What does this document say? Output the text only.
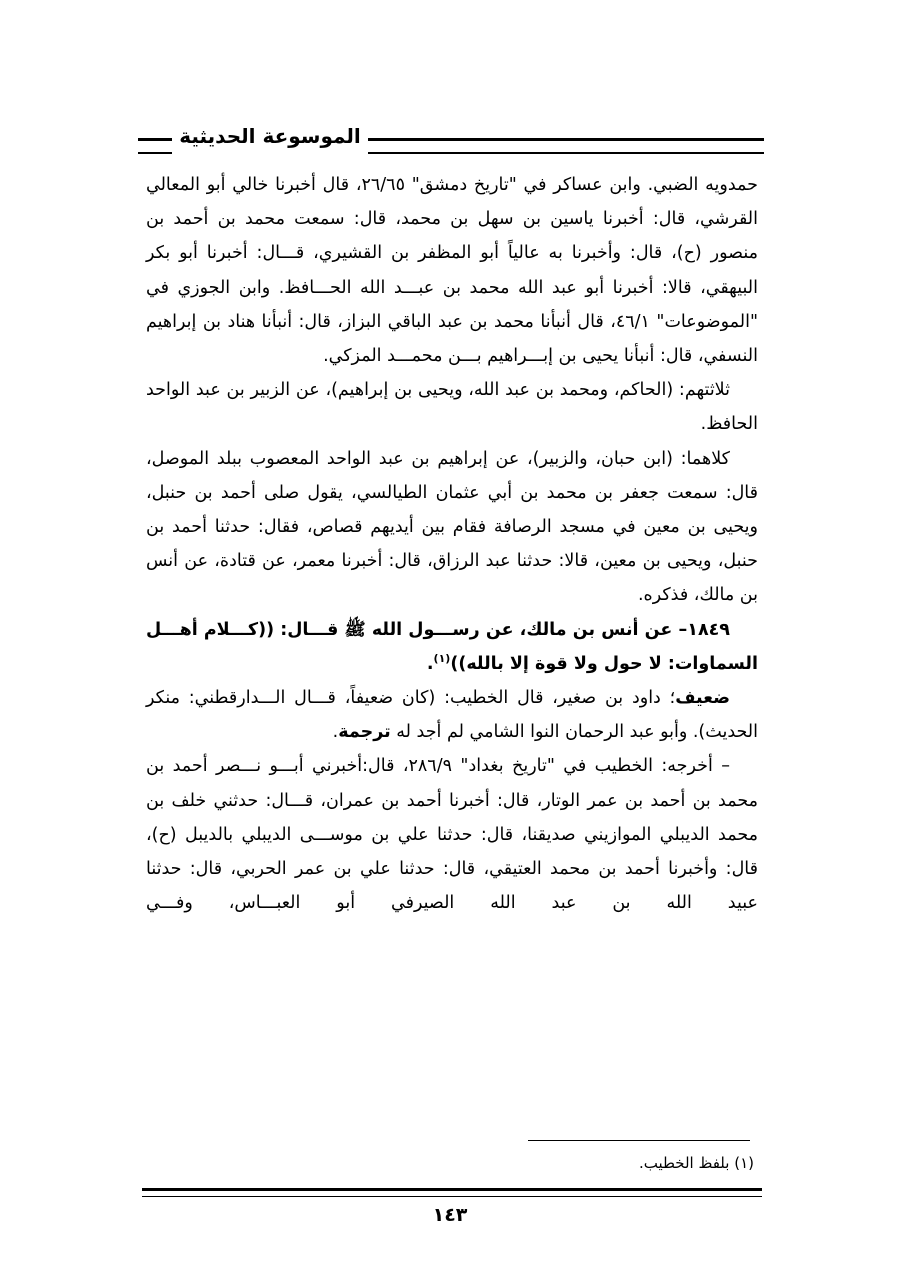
الموسوعة الحديثية

حمدويه الضبي. وابن عساكر في "تاريخ دمشق" ٢٦/٦٥، قال أخبرنا خالي أبو المعالي القرشي، قال: أخبرنا ياسين بن سهل بن محمد، قال: سمعت محمد بن أحمد بن منصور (ح)، قال: وأخبرنا به عالياً أبو المظفر بن القشيري، قـــال: أخبرنا أبو بكر البيهقي، قالا: أخبرنا أبو عبد الله محمد بن عبـــد الله الحـــافظ. وابن الجوزي في "الموضوعات" ٤٦/١، قال أنبأنا محمد بن عبد الباقي البزاز، قال: أنبأنا هناد بن إبراهيم النسفي، قال: أنبأنا يحيى بن إبـــراهيم بـــن محمـــد المزكي.

ثلاثتهم: (الحاكم، ومحمد بن عبد الله، ويحيى بن إبراهيم)، عن الزبير بن عبد الواحد الحافظ.

كلاهما: (ابن حبان، والزبير)، عن إبراهيم بن عبد الواحد المعصوب ببلد الموصل، قال: سمعت جعفر بن محمد بن أبي عثمان الطيالسي، يقول صلى أحمد بن حنبل، ويحيى بن معين في مسجد الرصافة فقام بين أيديهم قصاص، فقال: حدثنا أحمد بن حنبل، ويحيى بن معين، قالا: حدثنا عبد الرزاق، قال: أخبرنا معمر، عن قتادة، عن أنس بن مالك، فذكره.

١٨٤٩– عن أنس بن مالك، عن رســـول الله ﷺ قـــال: ((كـــلام أهـــل السماوات: لا حول ولا قوة إلا بالله))$^{(١)}$.

ضعيف؛ داود بن صغير، قال الخطيب: (كان ضعيفاً، قـــال الـــدارقطني: منكر الحديث). وأبو عبد الرحمان النوا الشامي لم أجد له ترجمة.

– أخرجه: الخطيب في "تاريخ بغداد" ٢٨٦/٩، قال:أخبرني أبـــو نـــصر أحمد بن محمد بن أحمد بن عمر الوتار، قال: أخبرنا أحمد بن عمران، قـــال: حدثني خلف بن محمد الديبلي الموازيني صديقنا، قال: حدثنا علي بن موســـى الديبلي بالديبل (ح)، قال: وأخبرنا أحمد بن محمد العتيقي، قال: حدثنا علي بن عمر الحربي، قال: حدثنا عبيد الله بن عبد الله الصيرفي أبو العبـــاس، وفـــي

(١) بلفظ الخطيب.
١٤٣
